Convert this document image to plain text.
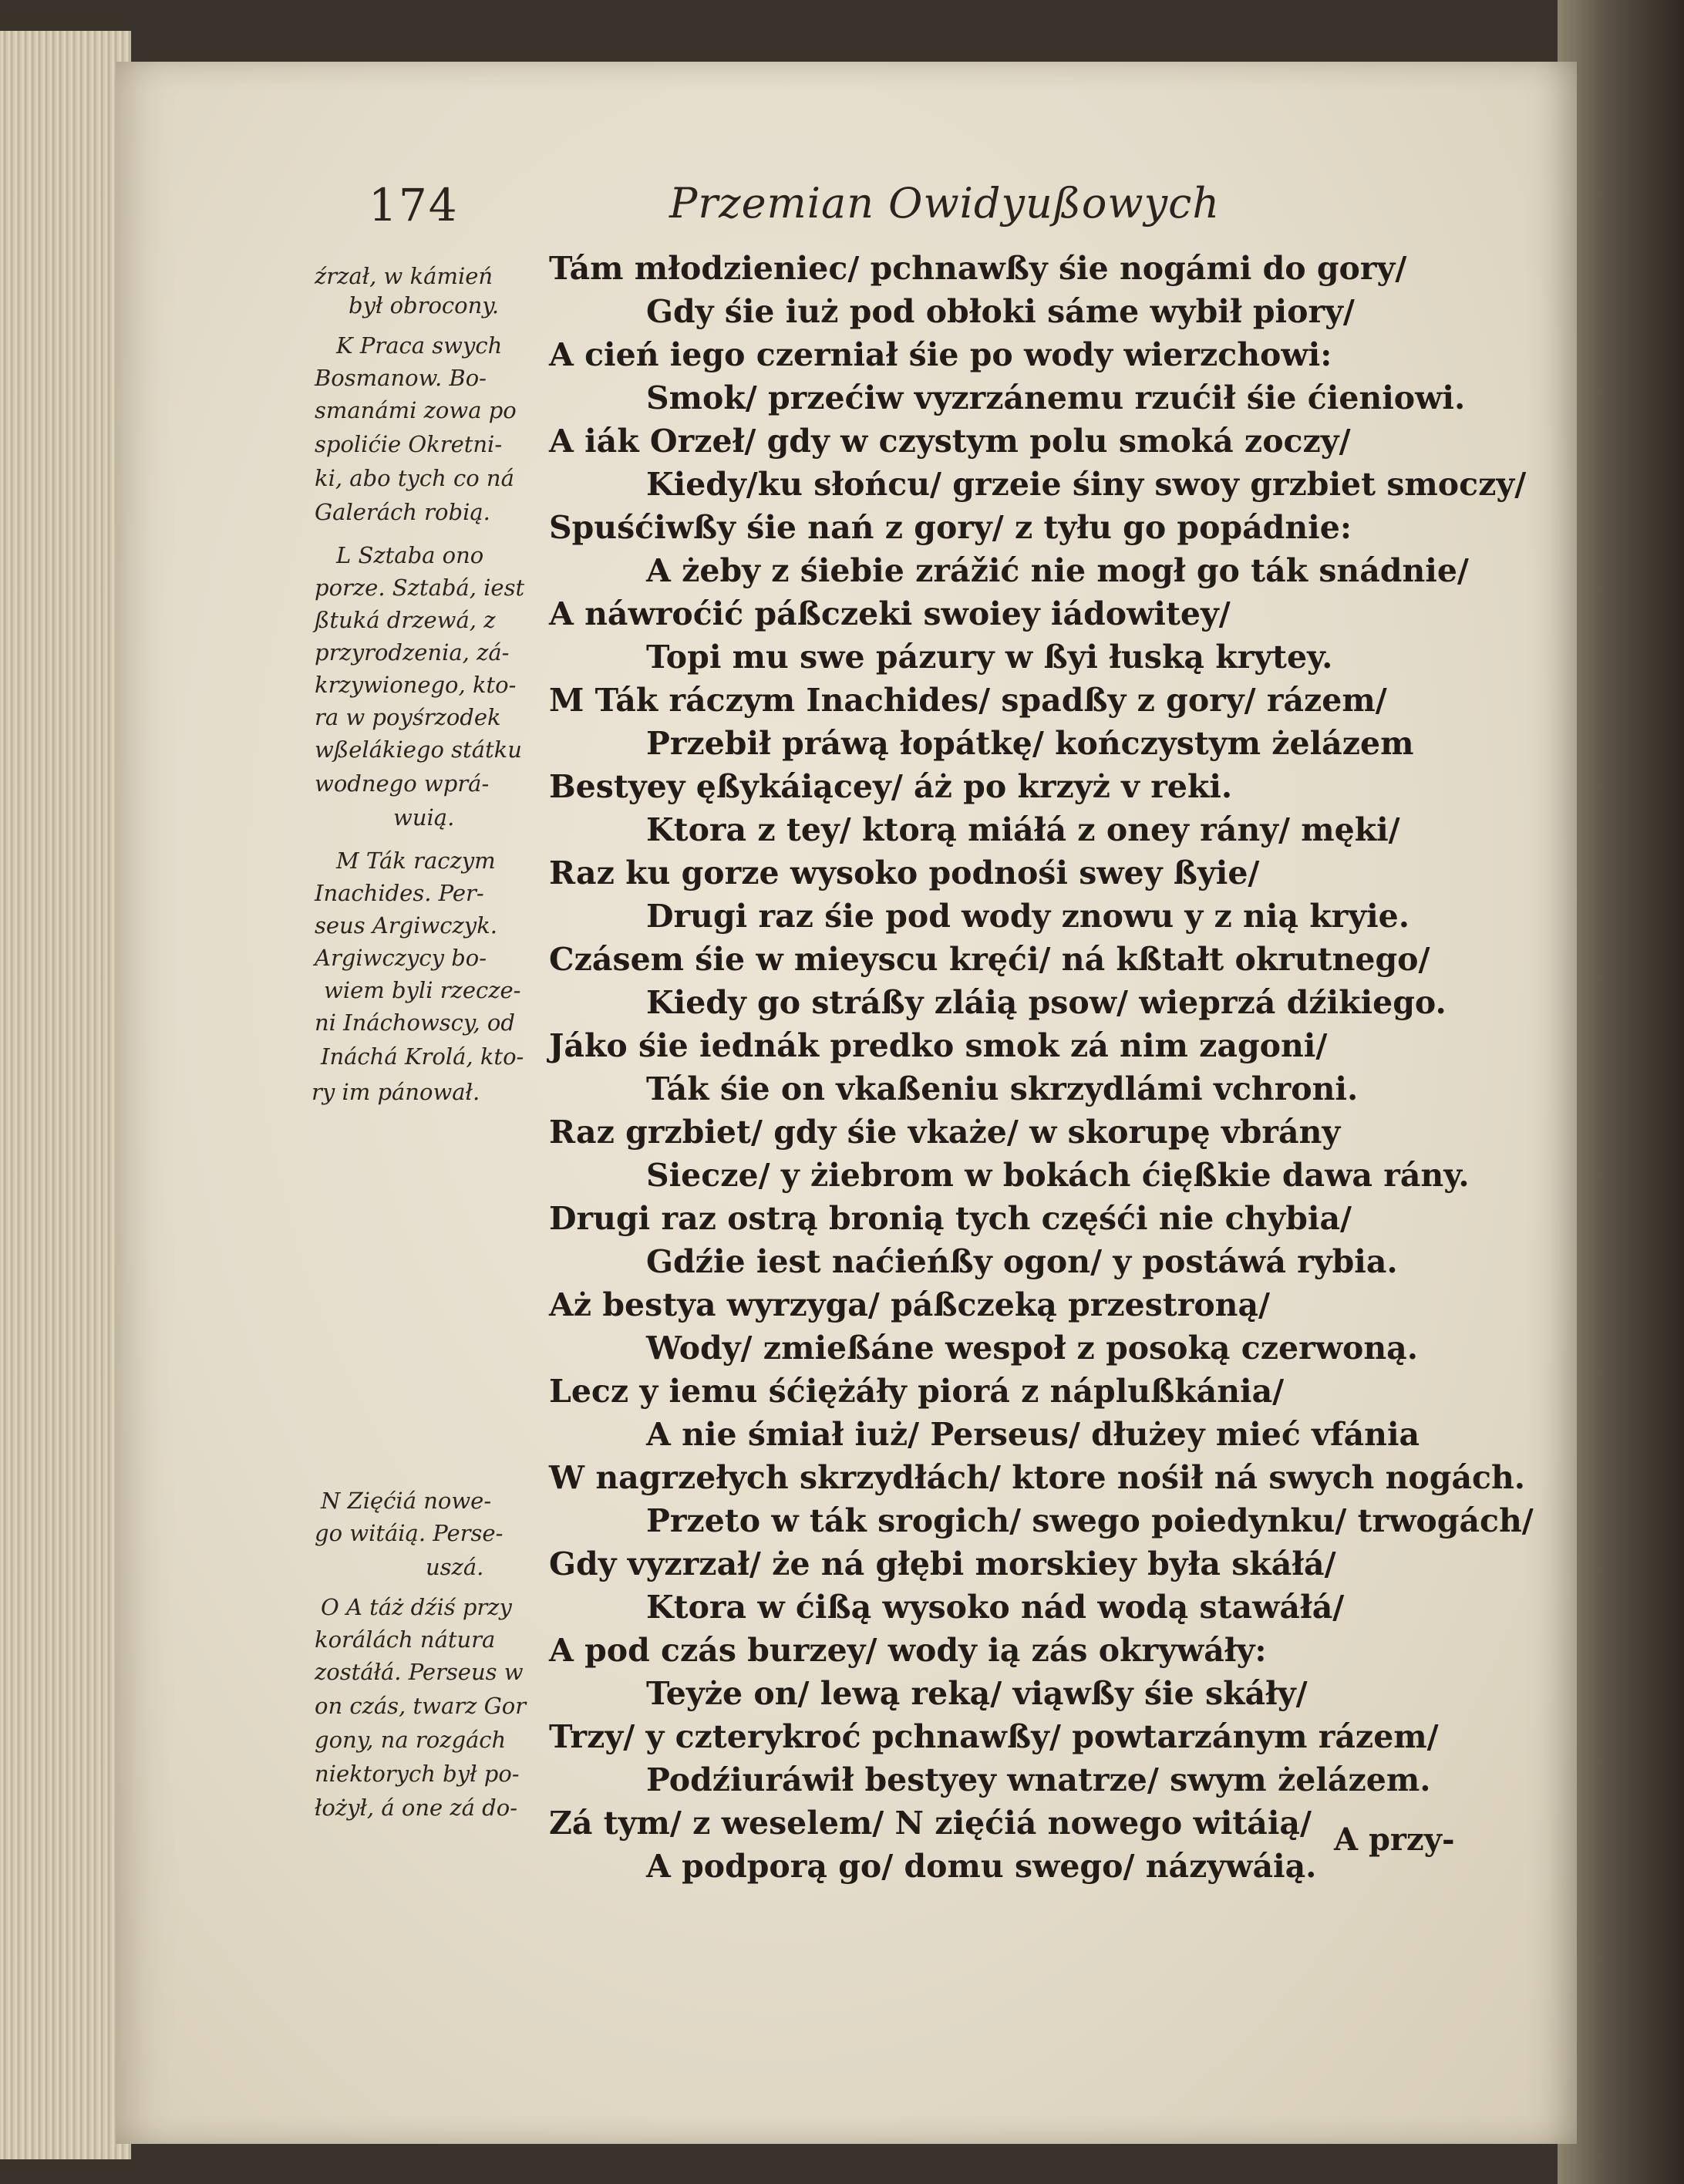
174	Przemian Owidyußowych

Tám młodzieniec/ pchnawßy śie nogámi do gory/

Gdy śie iuż pod obłoki sáme wybił piory/

A cień iego czerniał śie po wody wierzchowi:

Smok/ przećiw vyzrzánemu rzućił śie ćieniowi.

A iák Orzeł/ gdy w czystym polu smoká zoczy/

Kiedy/ku słońcu/ grzeie śiny swoy grzbiet smoczy/

Spuśćiwßy śie nań z gory/ z tyłu go popádnie:

A żeby z śiebie zrážić nie mogł go ták snádnie/

A náwroćić páßczeki swoiey iádowitey/

Topi mu swe pázury w ßyi łuską krytey.

M Ták ráczym Inachides/ spadßy z gory/ rázem/

Przebił práwą łopátkę/ kończystym żelázem

Bestyey ęßykáiącey/ áż po krzyż v reki.

Ktora z tey/ ktorą miáłá z oney rány/ męki/

Raz ku gorze wysoko podnośi swey ßyie/

Drugi raz śie pod wody znowu y z nią kryie.

Czásem śie w mieyscu kręći/ ná kßtałt okrutnego/

Kiedy go stráßy zláią psow/ wieprzá dźikiego.

Jáko śie iednák predko smok zá nim zagoni/

Ták śie on vkaßeniu skrzydlámi vchroni.

Raz grzbiet/ gdy śie vkaże/ w skorupę vbrány

Siecze/ y żiebrom w bokách ćięßkie dawa rány.

Drugi raz ostrą bronią tych częśći nie chybia/

Gdźie iest naćieńßy ogon/ y postáwá rybia.

Aż bestya wyrzyga/ páßczeką przestroną/

Wody/ zmießáne wespoł z posoką czerwoną.

Lecz y iemu śćiężáły piorá z náplußkánia/

A nie śmiał iuż/ Perseus/ dłużey mieć vfánia

W nagrzełych skrzydłách/ ktore nośił ná swych nogách.

Przeto w ták srogich/ swego poiedynku/ trwogách/

Gdy vyzrzał/ że ná głębi morskiey była skáłá/

Ktora w ćißą wysoko nád wodą stawáłá/

A pod czás burzey/ wody ią zás okrywáły:

Teyże on/ lewą reką/ viąwßy śie skáły/

Trzy/ y czterykroć pchnawßy/ powtarzánym rázem/

Podźiuráwił bestyey wnatrze/ swym żelázem.

Zá tym/ z weselem/ N zięćiá nowego witáią/

A podporą go/ domu swego/ názywáią.

źrzał, w kámień

był obrocony.

K Praca swych

Bosmanow. Bo-

smanámi zowa po

spolićie Okretni-

ki, abo tych co ná

Galerách robią.

L Sztaba ono

porze. Sztabá, iest

ßtuká drzewá, z

przyrodzenia, zá-

krzywionego, kto-

ra w poyśrzodek

wßelákiego státku

wodnego wprá-

wuią.

M Ták raczym

Inachides. Per-

seus Argiwczyk.

Argiwczycy bo-

wiem byli rzecze-

ni Ináchowscy, od

Ináchá Krolá, kto-

ry im pánował.

N Zięćiá nowe-

go witáią. Perse-

uszá.

O A táż dźiś przy

korálách nátura

zostáłá. Perseus w

on czás, twarz Gor

gony, na rozgách

niektorych był po-

łożył, á one zá do-

A przy-
